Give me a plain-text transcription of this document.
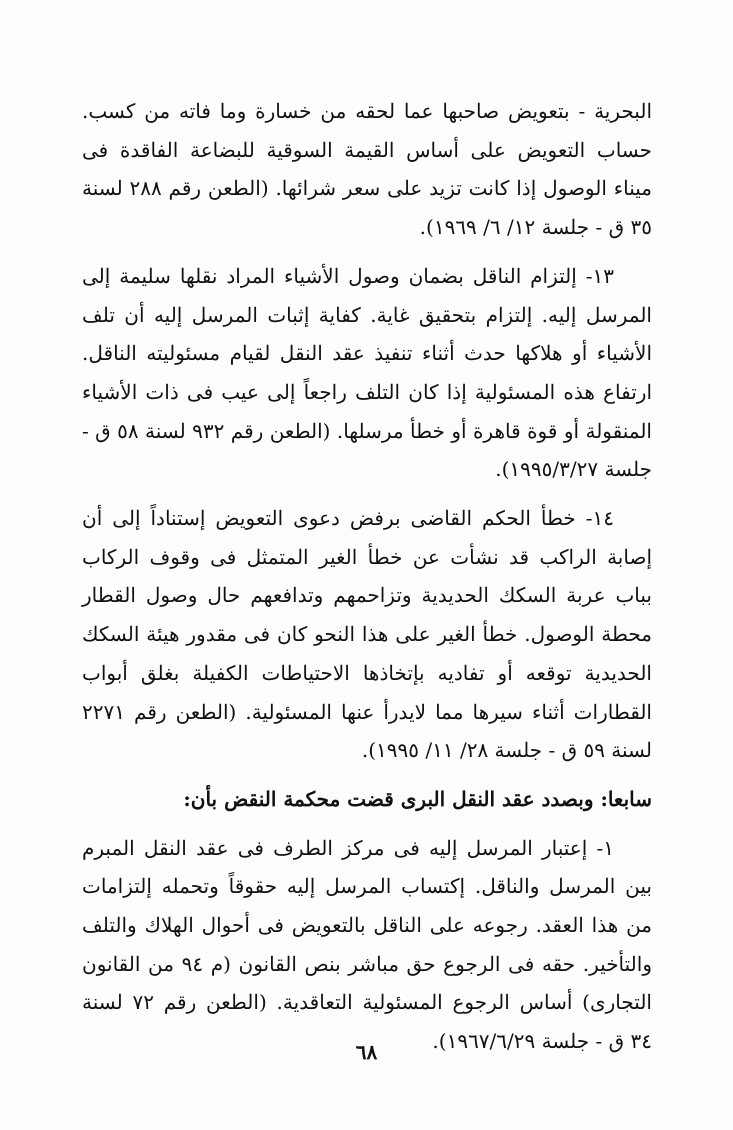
البحرية - بتعويض صاحبها عما لحقه من خسارة وما فاته من كسب. حساب التعويض على أساس القيمة السوقية للبضاعة الفاقدة فى ميناء الوصول إذا كانت تزيد على سعر شرائها. (الطعن رقم ٢٨٨ لسنة ٣٥ ق - جلسة ١٢/ ٦/ ١٩٦٩).

١٣- إلتزام الناقل بضمان وصول الأشياء المراد نقلها سليمة إلى المرسل إليه. إلتزام بتحقيق غاية. كفاية إثبات المرسل إليه أن تلف الأشياء أو هلاكها حدث أثناء تنفيذ عقد النقل لقيام مسئوليته الناقل. ارتفاع هذه المسئولية إذا كان التلف راجعاً إلى عيب فى ذات الأشياء المنقولة أو قوة قاهرة أو خطأ مرسلها. (الطعن رقم ٩٣٢ لسنة ٥٨ ق - جلسة ١٩٩٥/٣/٢٧).

١٤- خطأ الحكم القاضى برفض دعوى التعويض إستناداً إلى أن إصابة الراكب قد نشأت عن خطأ الغير المتمثل فى وقوف الركاب بباب عربة السكك الحديدية وتزاحمهم وتدافعهم حال وصول القطار محطة الوصول. خطأ الغير على هذا النحو كان فى مقدور هيئة السكك الحديدية توقعه أو تفاديه بإتخاذها الاحتياطات الكفيلة بغلق أبواب القطارات أثناء سيرها مما لايدرأ عنها المسئولية. (الطعن رقم ٢٢٧١ لسنة ٥٩ ق - جلسة ٢٨/ ١١/ ١٩٩٥).

سابعا: وبصدد عقد النقل البرى قضت محكمة النقض بأن:

١- إعتبار المرسل إليه فى مركز الطرف فى عقد النقل المبرم بين المرسل والناقل. إكتساب المرسل إليه حقوقاً وتحمله إلتزامات من هذا العقد. رجوعه على الناقل بالتعويض فى أحوال الهلاك والتلف والتأخير. حقه فى الرجوع حق مباشر بنص القانون (م ٩٤ من القانون التجارى) أساس الرجوع المسئولية التعاقدية. (الطعن رقم ٧٢ لسنة ٣٤ ق - جلسة ١٩٦٧/٦/٢٩).

٦٨
